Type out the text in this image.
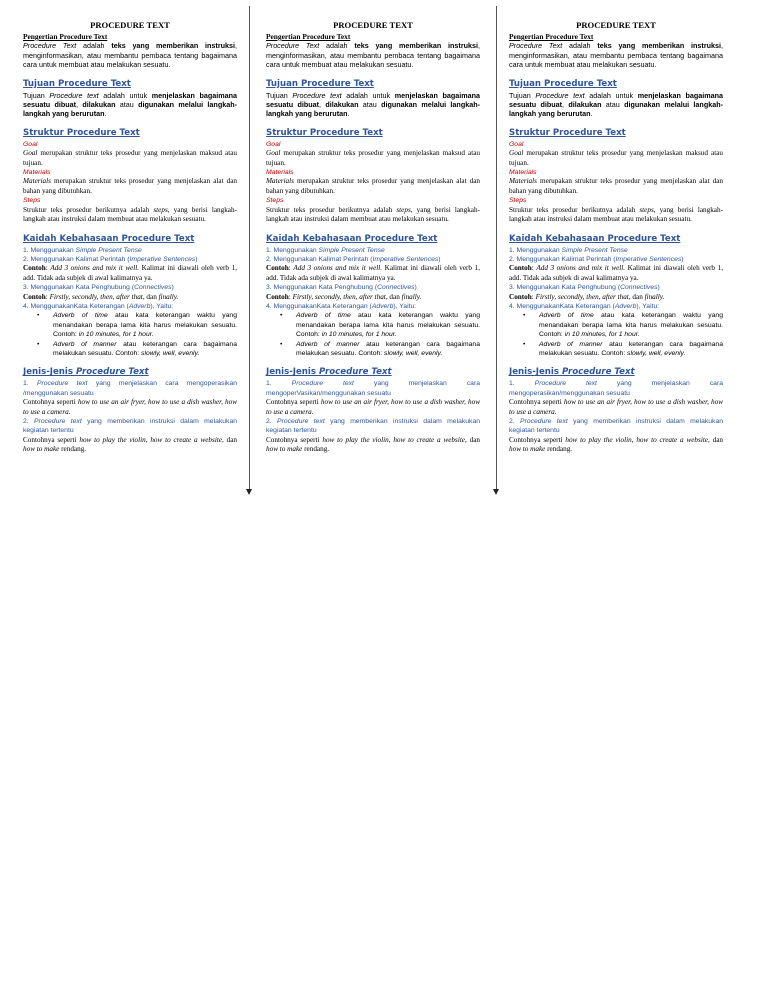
PROCEDURE TEXT
Pengertian Procedure Text

Procedure Text adalah teks yang memberikan instruksi, menginformasikan, atau membantu pembaca tentang bagaimana cara untuk membuat atau melakukan sesuatu.

Tujuan Procedure Text

Tujuan Procedure text adalah untuk menjelaskan bagaimana sesuatu dibuat, dilakukan atau digunakan melalui langkah-langkah yang berurutan.

Struktur Procedure Text
Goal

Goal merupakan struktur teks prosedur yang menjelaskan maksud atau tujuan.

Materials

Materials merupakan struktur teks prosedur yang menjelaskan alat dan bahan yang dibutuhkan.

Steps

Struktur teks prosedur berikutnya adalah steps, yang berisi langkah-langkah atau instruksi dalam membuat atau melakukan sesuatu.

Kaidah Kebahasaan Procedure Text
1. Menggunakan Simple Present Tense
2. Menggunakan Kalimat Perintah (Imperative Sentences)

Contoh: Add 3 onions and mix it well. Kalimat ini diawali oleh verb 1, add. Tidak ada subjek di awal kalimatnya ya.

3. Menggunakan Kata Penghubung (Connectives)

Contoh: Firstly, secondly, then, after that, dan finally.

4. MenggunakanKata Keterangan (Adverb), Yaitu:

• Adverb of time atau kata keterangan waktu yang menandakan berapa lama kita harus melakukan sesuatu. Contoh: in 10 minutes, for 1 hour.

• Adverb of manner atau keterangan cara bagaimana melakukan sesuatu. Contoh: slowly, well, evenly.

Jenis-Jenis Procedure Text

1. Procedure text yang menjelaskan cara mengoperasikan /menggunakan sesuatu

Contohnya seperti how to use an air fryer, how to use a dish washer, how to use a camera.

2. Procedure text yang memberikan instruksi dalam melakukan kegiatan tertentu

Contohnya seperti how to play the violin, how to create a website, dan how to make rendang.

PROCEDURE TEXT
Pengertian Procedure Text

Procedure Text adalah teks yang memberikan instruksi, menginformasikan, atau membantu pembaca tentang bagaimana cara untuk membuat atau melakukan sesuatu.

Tujuan Procedure Text

Tujuan Procedure text adalah untuk menjelaskan bagaimana sesuatu dibuat, dilakukan atau digunakan melalui langkah-langkah yang berurutan.

Struktur Procedure Text
Goal

Goal merupakan struktur teks prosedur yang menjelaskan maksud atau tujuan.

Materials

Materials merupakan struktur teks prosedur yang menjelaskan alat dan bahan yang dibutuhkan.

Steps

Struktur teks prosedur berikutnya adalah steps, yang berisi langkah-langkah atau instruksi dalam membuat atau melakukan sesuatu.

Kaidah Kebahasaan Procedure Text
1. Menggunakan Simple Present Tense
2. Menggunakan Kalimat Perintah (Imperative Sentences)

Contoh: Add 3 onions and mix it well. Kalimat ini diawali oleh verb 1, add. Tidak ada subjek di awal kalimatnya ya.

3. Menggunakan Kata Penghubung (Connectives)

Contoh: Firstly, secondly, then, after that, dan finally.

4. MenggunakanKata Keterangan (Adverb), Yaitu:

• Adverb of time atau kata keterangan waktu yang menandakan berapa lama kita harus melakukan sesuatu. Contoh: in 10 minutes, for 1 hour.

• Adverb of manner atau keterangan cara bagaimana melakukan sesuatu. Contoh: slowly, well, evenly.

Jenis-Jenis Procedure Text

1. Procedure text yang menjelaskan cara mengoperVasikan/menggunakan sesuatu

Contohnya seperti how to use an air fryer, how to use a dish washer, how to use a camera.

2. Procedure text yang memberikan instruksi dalam melakukan kegiatan tertentu

Contohnya seperti how to play the violin, how to create a website, dan how to make rendang.

PROCEDURE TEXT
Pengertian Procedure Text

Procedure Text adalah teks yang memberikan instruksi, menginformasikan, atau membantu pembaca tentang bagaimana cara untuk membuat atau melakukan sesuatu.

Tujuan Procedure Text

Tujuan Procedure text adalah untuk menjelaskan bagaimana sesuatu dibuat, dilakukan atau digunakan melalui langkah-langkah yang berurutan.

Struktur Procedure Text
Goal

Goal merupakan struktur teks prosedur yang menjelaskan maksud atau tujuan.

Materials

Materials merupakan struktur teks prosedur yang menjelaskan alat dan bahan yang dibutuhkan.

Steps

Struktur teks prosedur berikutnya adalah steps, yang berisi langkah-langkah atau instruksi dalam membuat atau melakukan sesuatu.

Kaidah Kebahasaan Procedure Text
1. Menggunakan Simple Present Tense
2. Menggunakan Kalimat Perintah (Imperative Sentences)

Contoh: Add 3 onions and mix it well. Kalimat ini diawali oleh verb 1, add. Tidak ada subjek di awal kalimatnya ya.

3. Menggunakan Kata Penghubung (Connectives)

Contoh: Firstly, secondly, then, after that, dan finally.

4. MenggunakanKata Keterangan (Adverb), Yaitu:

• Adverb of time atau kata keterangan waktu yang menandakan berapa lama kita harus melakukan sesuatu. Contoh: in 10 minutes, for 1 hour.

• Adverb of manner atau keterangan cara bagaimana melakukan sesuatu. Contoh: slowly, well, evenly.

Jenis-Jenis Procedure Text

1. Procedure text yang menjelaskan cara mengoperasikan/menggunakan sesuatu

Contohnya seperti how to use an air fryer, how to use a dish washer, how to use a camera.

2. Procedure text yang memberikan instruksi dalam melakukan kegiatan tertentu

Contohnya seperti how to play the violin, how to create a website, dan how to make rendang.
